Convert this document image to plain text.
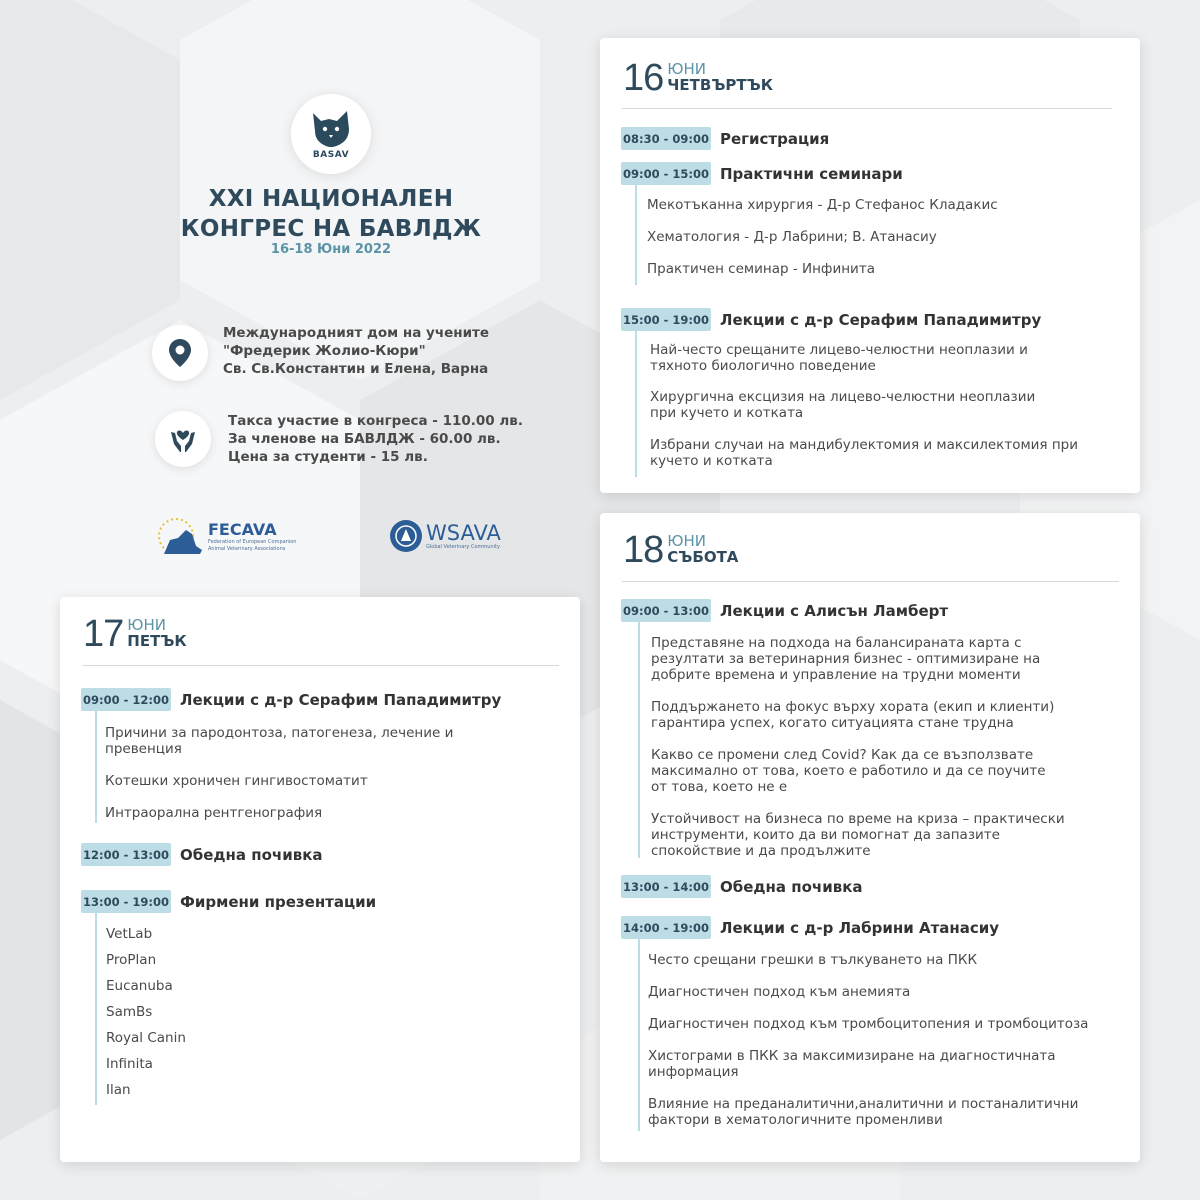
BASAV
XXI НАЦИОНАЛЕН
КОНГРЕС НА БАВЛДЖ
16-18 Юни 2022
Международният дом на учените
"Фредерик Жолио-Кюри"
Св. Св.Константин и Елена, Варна
Такса участие в конгреса - 110.00 лв.
За членове на БАВЛДЖ - 60.00 лв.
Цена за студенти - 15 лв.
FECAVA
Federation of European Companion
Animal Veterinary Associations
WSAVA
Global Veterinary Community
16 ЮНИ
ЧЕТВЪРТЪК
08:30 - 09:00 Регистрация
09:00 - 15:00 Практични семинари
Мекотъканна хирургия - Д-р Стефанос Кладакис
Хематология - Д-р Лабрини; В. Атанасиу
Практичен семинар - Инфинита
15:00 - 19:00 Лекции с д-р Серафим Пападимитру
Най-често срещаните лицево-челюстни неоплазии и
тяхното биологично поведение
Хирургична ексцизия на лицево-челюстни неоплазии
при кучето и котката
Избрани случаи на мандибулектомия и максилектомия при
кучето и котката
17 ЮНИ
ПЕТЪК
09:00 - 12:00 Лекции с д-р Серафим Пападимитру
Причини за пародонтоза, патогенеза, лечение и
превенция
Котешки хроничен гингивостоматит
Интраорална рентгенография
12:00 - 13:00 Обедна почивка
13:00 - 19:00 Фирмени презентации
VetLab
ProPlan
Eucanuba
SamBs
Royal Canin
Infinita
Ilan
18 ЮНИ
СЪБОТА
09:00 - 13:00 Лекции с Алисън Ламберт
Представяне на подхода на балансираната карта с
резултати за ветеринарния бизнес - оптимизиране на
добрите времена и управление на трудни моменти
Поддържането на фокус върху хората (екип и клиенти)
гарантира успех, когато ситуацията стане трудна
Какво се промени след Covid? Как да се възползвате
максимално от това, което е работило и да се поучите
от това, което не е
Устойчивост на бизнеса по време на криза – практически
инструменти, които да ви помогнат да запазите
спокойствие и да продължите
13:00 - 14:00 Обедна почивка
14:00 - 19:00 Лекции с д-р Лабрини Атанасиу
Често срещани грешки в тълкуването на ПКК
Диагностичен подход към анемията
Диагностичен подход към тромбоцитопения и тромбоцитоза
Хистограми в ПКК за максимизиране на диагностичната
информация
Влияние на преданалитични,аналитични и постаналитични
фактори в хематологичните променливи
